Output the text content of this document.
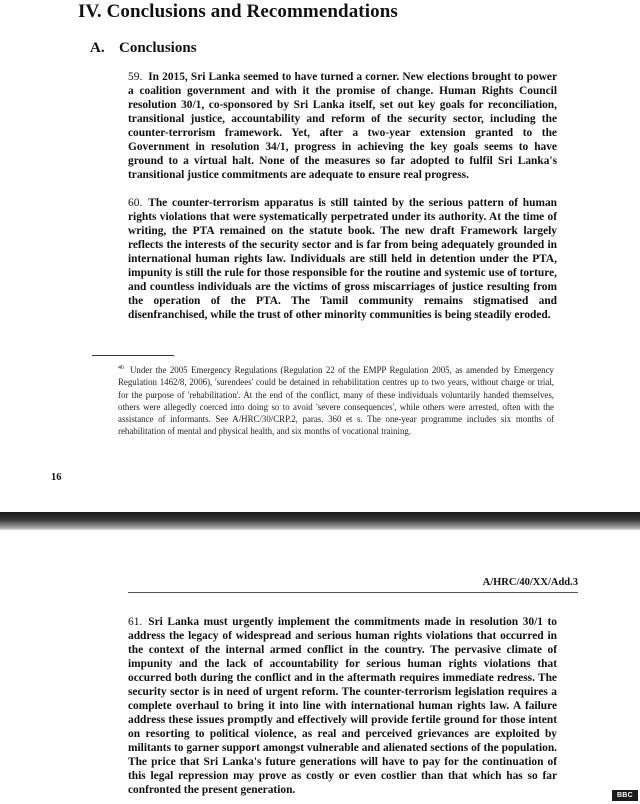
IV. Conclusions and Recommendations
A. Conclusions

59. In 2015, Sri Lanka seemed to have turned a corner. New elections brought to power a coalition government and with it the promise of change. Human Rights Council resolution 30/1, co-sponsored by Sri Lanka itself, set out key goals for reconciliation, transitional justice, accountability and reform of the security sector, including the counter-terrorism framework. Yet, after a two-year extension granted to the Government in resolution 34/1, progress in achieving the key goals seems to have ground to a virtual halt. None of the measures so far adopted to fulfil Sri Lanka's transitional justice commitments are adequate to ensure real progress.

60. The counter-terrorism apparatus is still tainted by the serious pattern of human rights violations that were systematically perpetrated under its authority. At the time of writing, the PTA remained on the statute book. The new draft Framework largely reflects the interests of the security sector and is far from being adequately grounded in international human rights law. Individuals are still held in detention under the PTA, impunity is still the rule for those responsible for the routine and systemic use of torture, and countless individuals are the victims of gross miscarriages of justice resulting from the operation of the PTA. The Tamil community remains stigmatised and disenfranchised, while the trust of other minority communities is being steadily eroded.

$^{46}$ Under the 2005 Emergency Regulations (Regulation 22 of the EMPP Regulation 2005, as amended by Emergency Regulation 1462/8, 2006), 'surendees' could be detained in rehabilitation centres up to two years, without charge or trial, for the purpose of 'rehabilitation'. At the end of the conflict, many of these individuals voluntarily handed themselves, others were allegedly coerced into doing so to avoid 'severe consequences', while others were arrested, often with the assistance of informants. See A/HRC/30/CRP.2, paras. 360 et s. The one-year programme includes six months of rehabilitation of mental and physical health, and six months of vocational training.

16

A/HRC/40/XX/Add.3

61. Sri Lanka must urgently implement the commitments made in resolution 30/1 to address the legacy of widespread and serious human rights violations that occurred in the context of the internal armed conflict in the country. The pervasive climate of impunity and the lack of accountability for serious human rights violations that occurred both during the conflict and in the aftermath requires immediate redress. The security sector is in need of urgent reform. The counter-terrorism legislation requires a complete overhaul to bring it into line with international human rights law. A failure address these issues promptly and effectively will provide fertile ground for those intent on resorting to political violence, as real and perceived grievances are exploited by militants to garner support amongst vulnerable and alienated sections of the population. The price that Sri Lanka's future generations will have to pay for the continuation of this legal repression may prove as costly or even costlier than that which has so far confronted the present generation.	BBC
